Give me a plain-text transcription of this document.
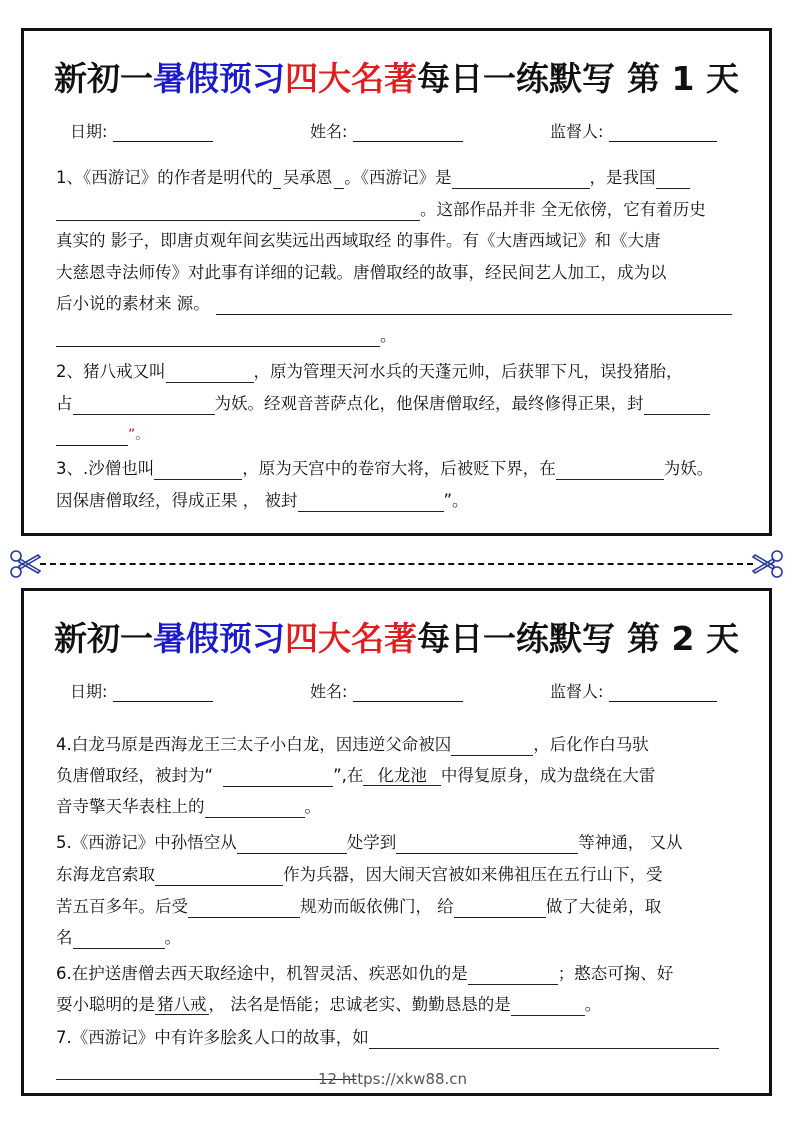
新初一暑假预习四大名著每日一练默写 第 1 天
日期:	姓名:	监督人:
1、《西游记》的作者是明代的 吴承恩 。《西游记》是	，是我国
。这部作品并非 全无依傍，它有着历史
真实的 影子，即唐贞观年间玄奘远出西域取经 的事件。有《大唐西域记》和《大唐
大慈恩寺法师传》对此事有详细的记载。唐僧取经的故事，经民间艺人加工，成为以
后小说的素材来 源。
。
2、猪八戒又叫	，原为管理天河水兵的天蓬元帅，后获罪下凡，误投猪胎，
占	为妖。经观音菩萨点化，他保唐僧取经，最终修得正果，封
”。
3、.沙僧也叫	，原为天宫中的卷帘大将，后被贬下界，在	为妖。
因保唐僧取经，得成正果 ， 被封	”。
新初一暑假预习四大名著每日一练默写 第 2 天
日期:	姓名:	监督人:
4.白龙马原是西海龙王三太子小白龙，因违逆父命被囚	，后化作白马驮
负唐僧取经，被封为“	”,在 化龙池 中得复原身，成为盘绕在大雷
音寺擎天华表柱上的	。
5.《西游记》中孙悟空从	处学到	等神通， 又从
东海龙宫索取	作为兵器，因大闹天宫被如来佛祖压在五行山下，受
苦五百多年。后受	规劝而皈依佛门， 给	做了大徒弟，取
名	。
6.在护送唐僧去西天取经途中，机智灵活、疾恶如仇的是	；憨态可掬、好
耍小聪明的是 猪八戒 ， 法名是悟能；忠诚老实、勤勤恳恳的是	。
7.《西游记》中有许多脍炙人口的故事，如
12 https://xkw88.cn
